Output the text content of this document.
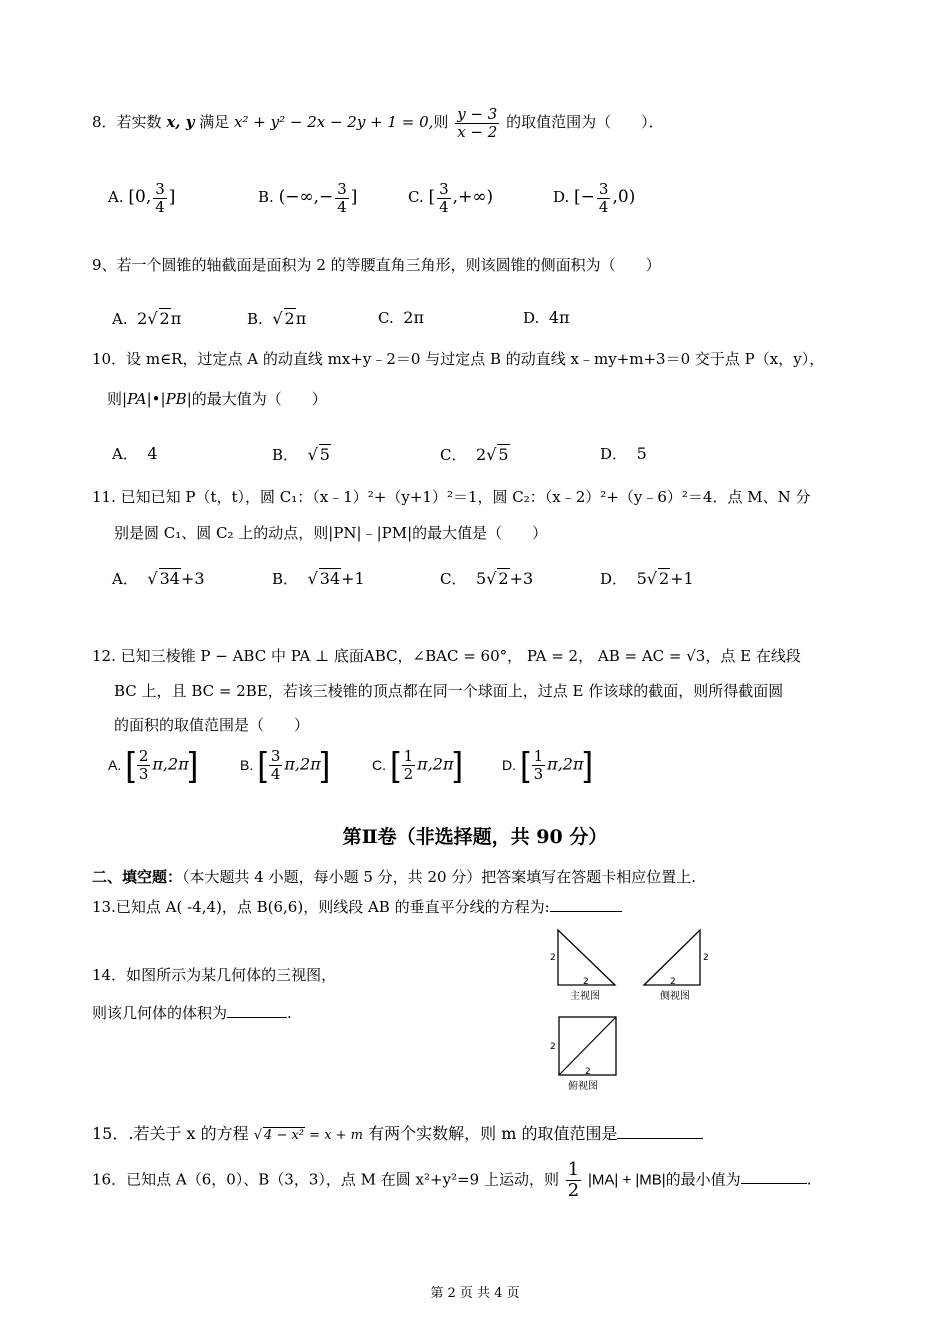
8．若实数 x, y 满足 x² + y² − 2x − 2y + 1 = 0,则 $\frac{y - 3}{x - 2}$ 的取值范围为（　　）．
A. [0, $\frac{3}{4}$ ]	B. (−∞,− $\frac{3}{4}$ ]	C. [ $\frac{3}{4}$ ,+∞)	D. [− $\frac{3}{4} ,0$)
9、若一个圆锥的轴截面是面积为 2 的等腰直角三角形，则该圆锥的侧面积为（　　）
A. 2√ 2π	B. √ 2π	C. 2π	D. 4π
10．设 m∈R，过定点 A 的动直线 mx+y﹣2＝0 与过定点 B 的动直线 x﹣my+m+3＝0 交于点 P（x，y），
则|PA|•|PB|的最大值为（　　）
A． 4	B． √ 5	C． 2√ 5	D． 5
11. 已知已知 P（t，t），圆 C₁：（x﹣1）²+（y+1）²＝1，圆 C₂：（x﹣2）²+（y﹣6）²＝4．点 M、N 分
别是圆 C₁、圆 C₂ 上的动点，则|PN|﹣|PM|的最大值是（　　）
A． √ 34+3	B． √ 34+1	C． 5√ 2+3	D． 5√ 2+1
12. 已知三棱锥 P − ABC 中 PA ⊥ 底面ABC，∠BAC = 60°， PA = 2， AB = AC = √3，点 E 在线段
BC 上，且 BC = 2BE，若该三棱锥的顶点都在同一个球面上，过点 E 作该球的截面，则所得截面圆
的面积的取值范围是（　　）
A. [ $\frac{2}{3} \pi,2\pi$]	B. [ $\frac{3}{4} \pi,2\pi$]	C. [ $\frac{1}{2} \pi,2\pi$]	D. [ $\frac{1}{3} \pi,2\pi$]
第Ⅱ卷（非选择题，共 90 分）
二、填空题：（本大题共 4 小题，每小题 5 分，共 20 分）把答案填写在答题卡相应位置上.
13.已知点 A( -4,4)，点 B(6,6)，则线段 AB 的垂直平分线的方程为:
14．如图所示为某几何体的三视图，
则该几何体的体积为	.
2
2
主视图
2
2
侧视图
2
2
俯视图
15．.若关于 x 的方程 √ 4 − x² = x + m 有两个实数解，则 m 的取值范围是
16．已知点 A（6，0）、B（3，3），点 M 在圆 x²+y²=9 上运动，则 $\frac{1}{2} |MA| + |MB|$的最小值为	.
第 2 页 共 4 页
